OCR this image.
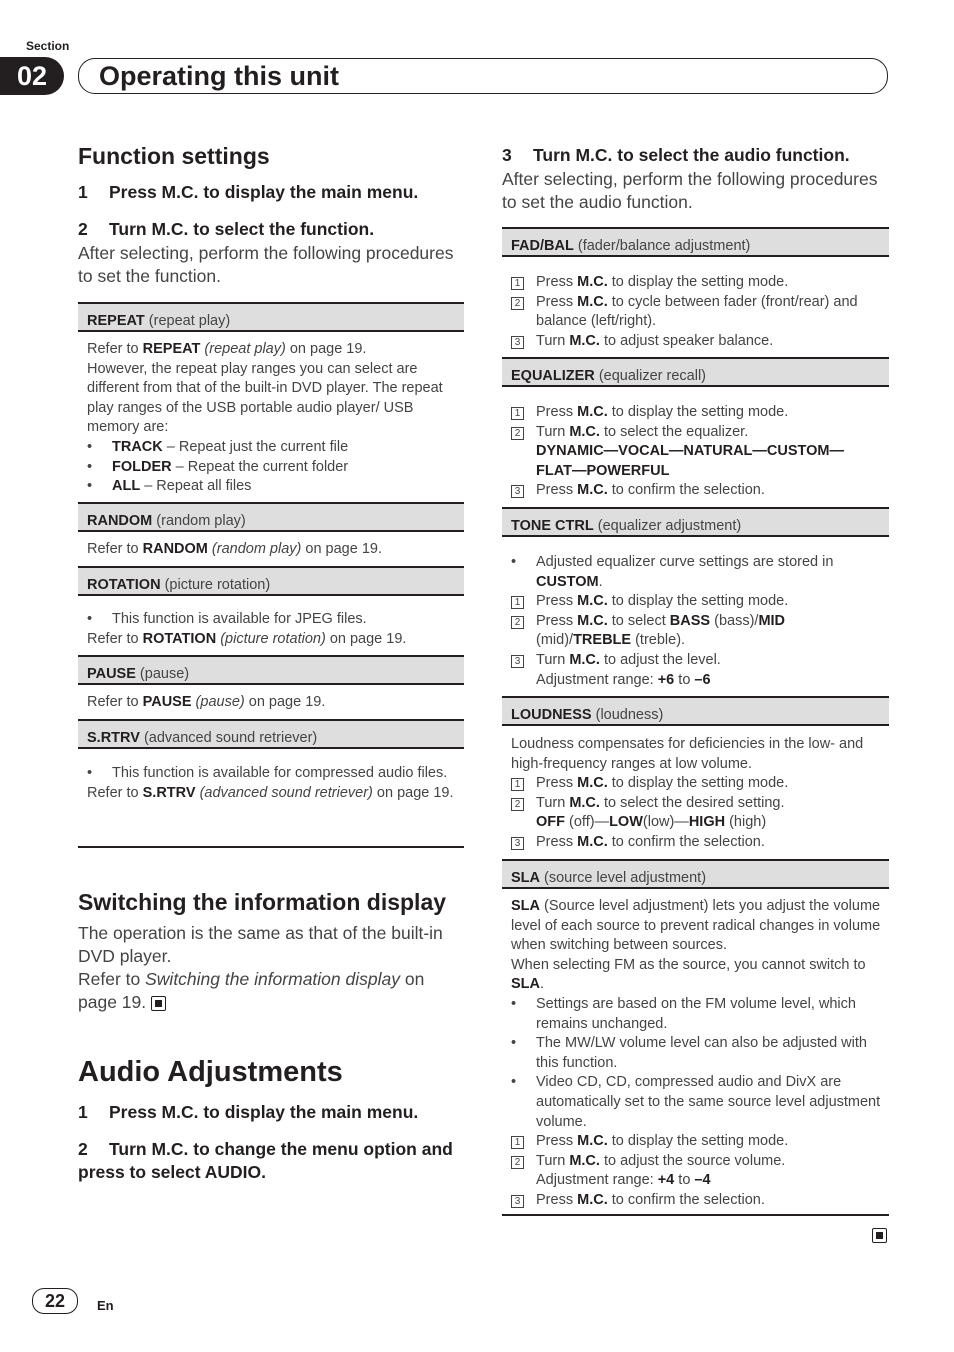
Section
02	Operating this unit
Function settings
1 Press M.C. to display the main menu.
2 Turn M.C. to select the function.
After selecting, perform the following procedures to set the function.
REPEAT (repeat play)
Refer to REPEAT (repeat play) on page 19.
However, the repeat play ranges you can select are different from that of the built-in DVD player. The repeat play ranges of the USB portable audio player/ USB memory are:
• TRACK – Repeat just the current file
• FOLDER – Repeat the current folder
• ALL – Repeat all files
RANDOM (random play)
Refer to RANDOM (random play) on page 19.
ROTATION (picture rotation)
• This function is available for JPEG files.
Refer to ROTATION (picture rotation) on page 19.
PAUSE (pause)
Refer to PAUSE (pause) on page 19.
S.RTRV (advanced sound retriever)
• This function is available for compressed audio files.
Refer to S.RTRV (advanced sound retriever) on page 19.
Switching the information display
The operation is the same as that of the built-in DVD player.
Refer to Switching the information display on page 19.
Audio Adjustments
1 Press M.C. to display the main menu.
2 Turn M.C. to change the menu option and press to select AUDIO.
3 Turn M.C. to select the audio function.
After selecting, perform the following procedures to set the audio function.
FAD/BAL (fader/balance adjustment)
1 Press M.C. to display the setting mode.
2 Press M.C. to cycle between fader (front/rear) and balance (left/right).
3 Turn M.C. to adjust speaker balance.
EQUALIZER (equalizer recall)
1 Press M.C. to display the setting mode.
2 Turn M.C. to select the equalizer.
DYNAMIC—VOCAL—NATURAL—CUSTOM—
FLAT—POWERFUL
3 Press M.C. to confirm the selection.
TONE CTRL (equalizer adjustment)
• Adjusted equalizer curve settings are stored in CUSTOM.
1 Press M.C. to display the setting mode.
2 Press M.C. to select BASS (bass)/MID (mid)/TREBLE (treble).
3 Turn M.C. to adjust the level.
Adjustment range: +6 to –6
LOUDNESS (loudness)
Loudness compensates for deficiencies in the low- and high-frequency ranges at low volume.
1 Press M.C. to display the setting mode.
2 Turn M.C. to select the desired setting.
OFF (off)—LOW(low)—HIGH (high)
3 Press M.C. to confirm the selection.
SLA (source level adjustment)
SLA (Source level adjustment) lets you adjust the volume level of each source to prevent radical changes in volume when switching between sources.
When selecting FM as the source, you cannot switch to SLA.
• Settings are based on the FM volume level, which remains unchanged.
• The MW/LW volume level can also be adjusted with this function.
• Video CD, CD, compressed audio and DivX are automatically set to the same source level adjustment volume.
1 Press M.C. to display the setting mode.
2 Turn M.C. to adjust the source volume.
Adjustment range: +4 to –4
3 Press M.C. to confirm the selection.
22	En
